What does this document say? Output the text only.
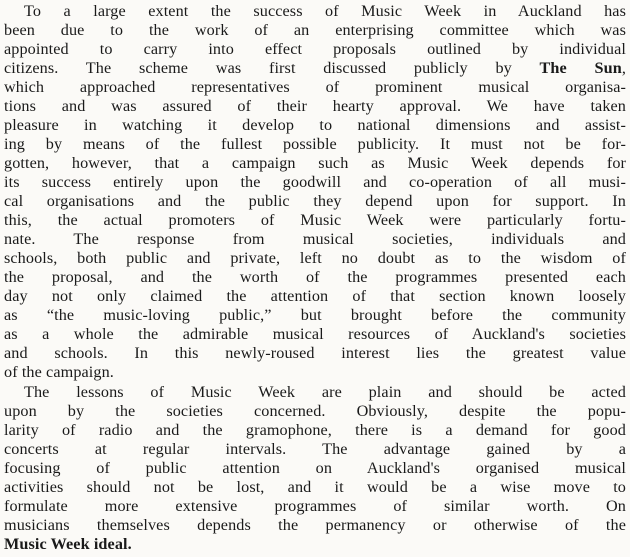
To a large extent the success of Music Week in Auckland has
been due to the work of an enterprising committee which was
appointed to carry into effect proposals outlined by individual
citizens. The scheme was first discussed publicly by The Sun,
which approached representatives of prominent musical organisa-
tions and was assured of their hearty approval. We have taken
pleasure in watching it develop to national dimensions and assist-
ing by means of the fullest possible publicity. It must not be for-
gotten, however, that a campaign such as Music Week depends for
its success entirely upon the goodwill and co-operation of all musi-
cal organisations and the public they depend upon for support. In
this, the actual promoters of Music Week were particularly fortu-
nate. The response from musical societies, individuals and
schools, both public and private, left no doubt as to the wisdom of
the proposal, and the worth of the programmes presented each
day not only claimed the attention of that section known loosely
as “the music-loving public,” but brought before the community
as a whole the admirable musical resources of Auckland's societies
and schools. In this newly-roused interest lies the greatest value
of the campaign.
The lessons of Music Week are plain and should be acted
upon by the societies concerned. Obviously, despite the popu-
larity of radio and the gramophone, there is a demand for good
concerts at regular intervals. The advantage gained by a
focusing of public attention on Auckland's organised musical
activities should not be lost, and it would be a wise move to
formulate more extensive programmes of similar worth. On
musicians themselves depends the permanency or otherwise of the
Music Week ideal.
